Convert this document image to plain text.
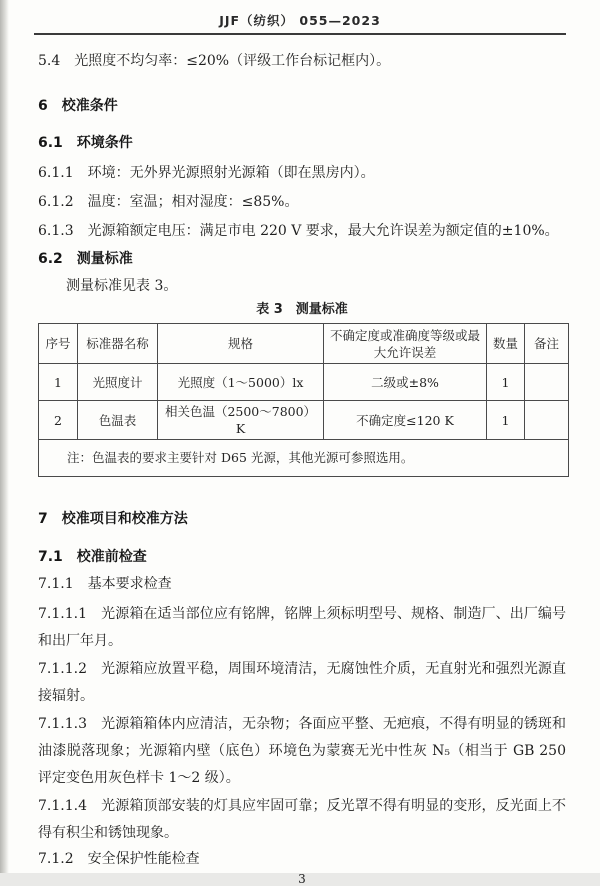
JJF（纺织） 055—2023
5.4　光照度不均匀率：≤20%（评级工作台标记框内）。
6　校准条件
6.1　环境条件
6.1.1　环境：无外界光源照射光源箱（即在黑房内）。
6.1.2　温度：室温；相对湿度：≤85%。
6.1.3　光源箱额定电压：满足市电 220 V 要求，最大允许误差为额定值的±10%。
6.2　测量标准
测量标准见表 3。
表 3　测量标准
序号	标准器名称	规格	不确定度或准确度等级或最大允许误差	数量	备注
1	光照度计	光照度（1～5000）lx	二级或±8%	1	
2	色温表	相关色温（2500～7800）K	不确定度≤120 K	1	
注：色温表的要求主要针对 D65 光源，其他光源可参照选用。					
7　校准项目和校准方法
7.1　校准前检查
7.1.1　基本要求检查
7.1.1.1　光源箱在适当部位应有铭牌，铭牌上须标明型号、规格、制造厂、出厂编号和出厂年月。
7.1.1.2　光源箱应放置平稳，周围环境清洁，无腐蚀性介质，无直射光和强烈光源直接辐射。
7.1.1.3　光源箱箱体内应清洁，无杂物；各面应平整、无疤痕，不得有明显的锈斑和油漆脱落现象；光源箱内壁（底色）环境色为蒙赛无光中性灰 N₅（相当于 GB 250 评定变色用灰色样卡 1～2 级）。
7.1.1.4　光源箱顶部安装的灯具应牢固可靠；反光罩不得有明显的变形，反光面上不得有积尘和锈蚀现象。
7.1.2　安全保护性能检查
3
